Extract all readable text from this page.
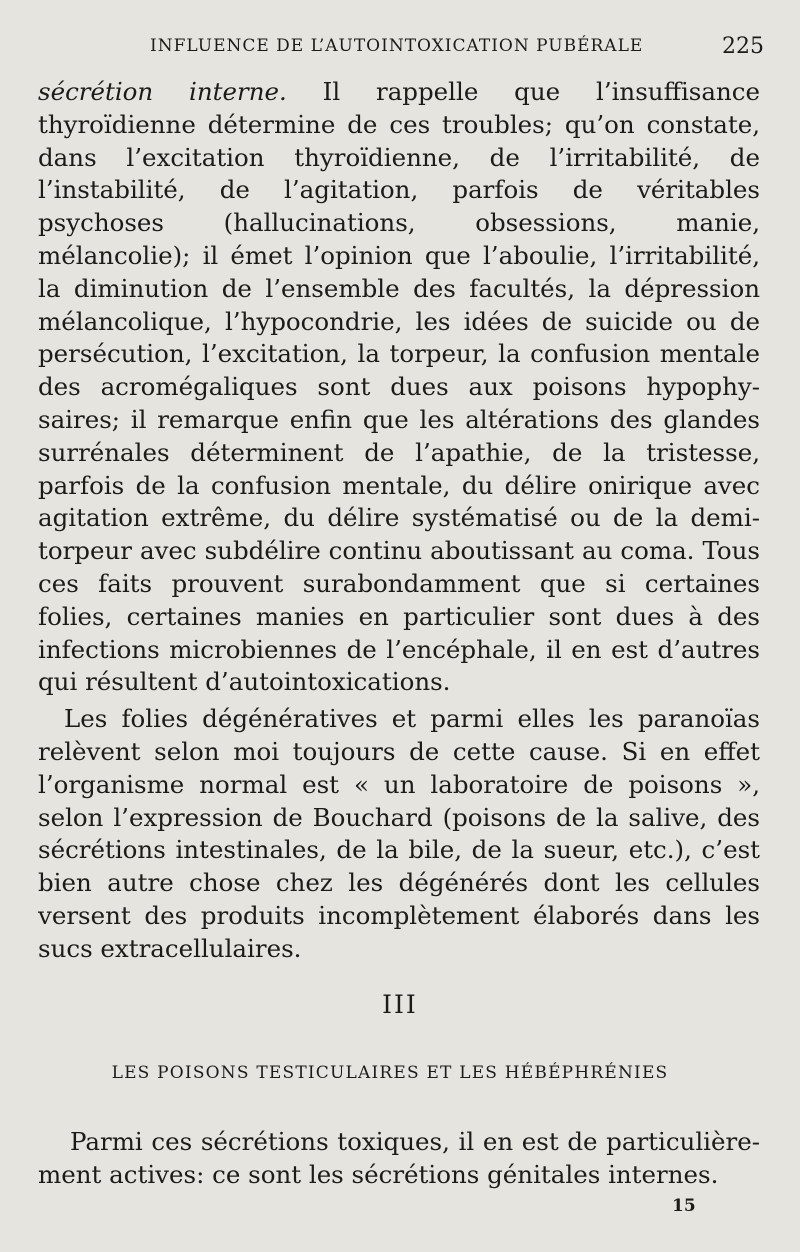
INFLUENCE DE L’AUTOINTOXICATION PUBÉRALE	225

sécrétion interne. Il rappelle que l’insuffisance thyroïdienne détermine de ces troubles; qu’on constate, dans l’excitation thyroïdienne, de l’irritabilité, de l’instabilité, de l’agitation, parfois de véritables psychoses (hallucinations, obsessions, manie, mélancolie); il émet l’opinion que l’aboulie, l’irritabilité, la diminution de l’ensemble des facultés, la dépression mélancolique, l’hypocondrie, les idées de suicide ou de persécution, l’excitation, la torpeur, la confusion mentale des acromégaliques sont dues aux poisons hypophysaires; il remarque enfin que les altérations des glandes surrénales déterminent de l’apathie, de la tristesse, parfois de la confusion mentale, du délire onirique avec agitation extrême, du délire systématisé ou de la demi-torpeur avec subdélire continu aboutissant au coma. Tous ces faits prouvent surabondamment que si certaines folies, certaines manies en particulier sont dues à des infections microbiennes de l’encéphale, il en est d’autres qui résultent d’autointoxications.

Les folies dégénératives et parmi elles les paranoïas relèvent selon moi toujours de cette cause. Si en effet l’organisme normal est « un laboratoire de poisons », selon l’expression de Bouchard (poisons de la salive, des sécrétions intestinales, de la bile, de la sueur, etc.), c’est bien autre chose chez les dégénérés dont les cellules versent des produits incomplètement élaborés dans les sucs extracellulaires.

III
LES POISONS TESTICULAIRES ET LES HÉBÉPHRÉNIES

Parmi ces sécrétions toxiques, il en est de particulièrement actives: ce sont les sécrétions génitales internes.

15
